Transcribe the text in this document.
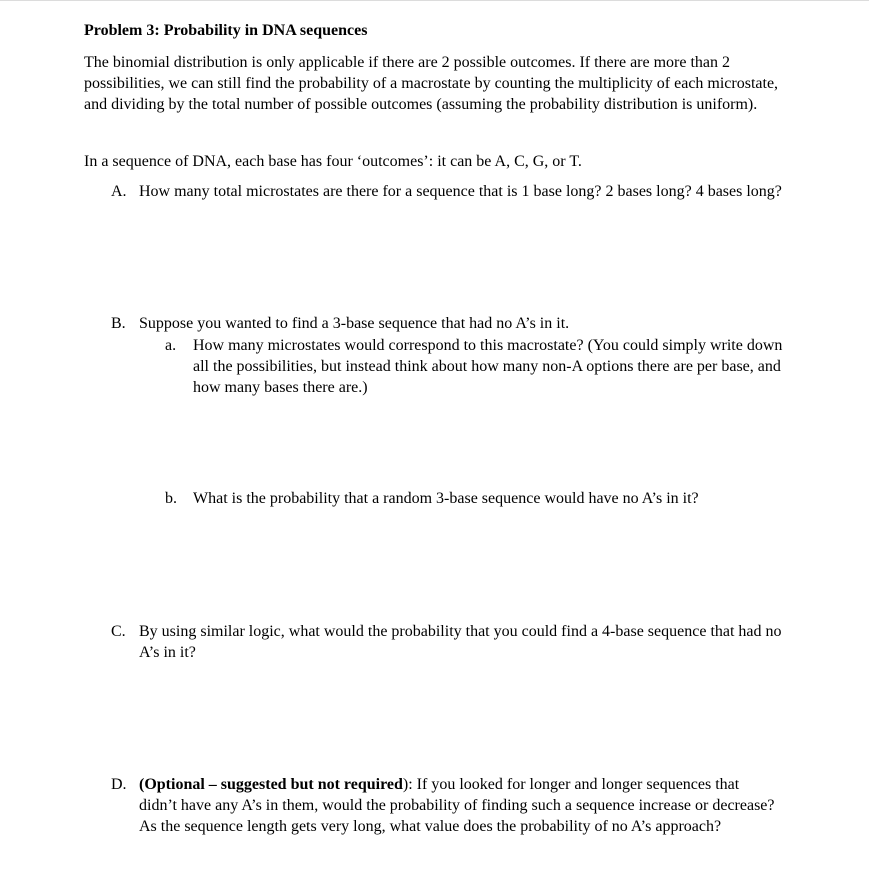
Problem 3: Probability in DNA sequences

The binomial distribution is only applicable if there are 2 possible outcomes. If there are more than 2 possibilities, we can still find the probability of a macrostate by counting the multiplicity of each microstate, and dividing by the total number of possible outcomes (assuming the probability distribution is uniform).

In a sequence of DNA, each base has four ‘outcomes’: it can be A, C, G, or T.

A. How many total microstates are there for a sequence that is 1 base long? 2 bases long? 4 bases long?
B. Suppose you wanted to find a 3-base sequence that had no A’s in it.
a. How many microstates would correspond to this macrostate? (You could simply write down all the possibilities, but instead think about how many non-A options there are per base, and how many bases there are.)
b. What is the probability that a random 3-base sequence would have no A’s in it?
C. By using similar logic, what would the probability that you could find a 4-base sequence that had no A’s in it?
D. (Optional – suggested but not required): If you looked for longer and longer sequences that didn’t have any A’s in them, would the probability of finding such a sequence increase or decrease? As the sequence length gets very long, what value does the probability of no A’s approach?
